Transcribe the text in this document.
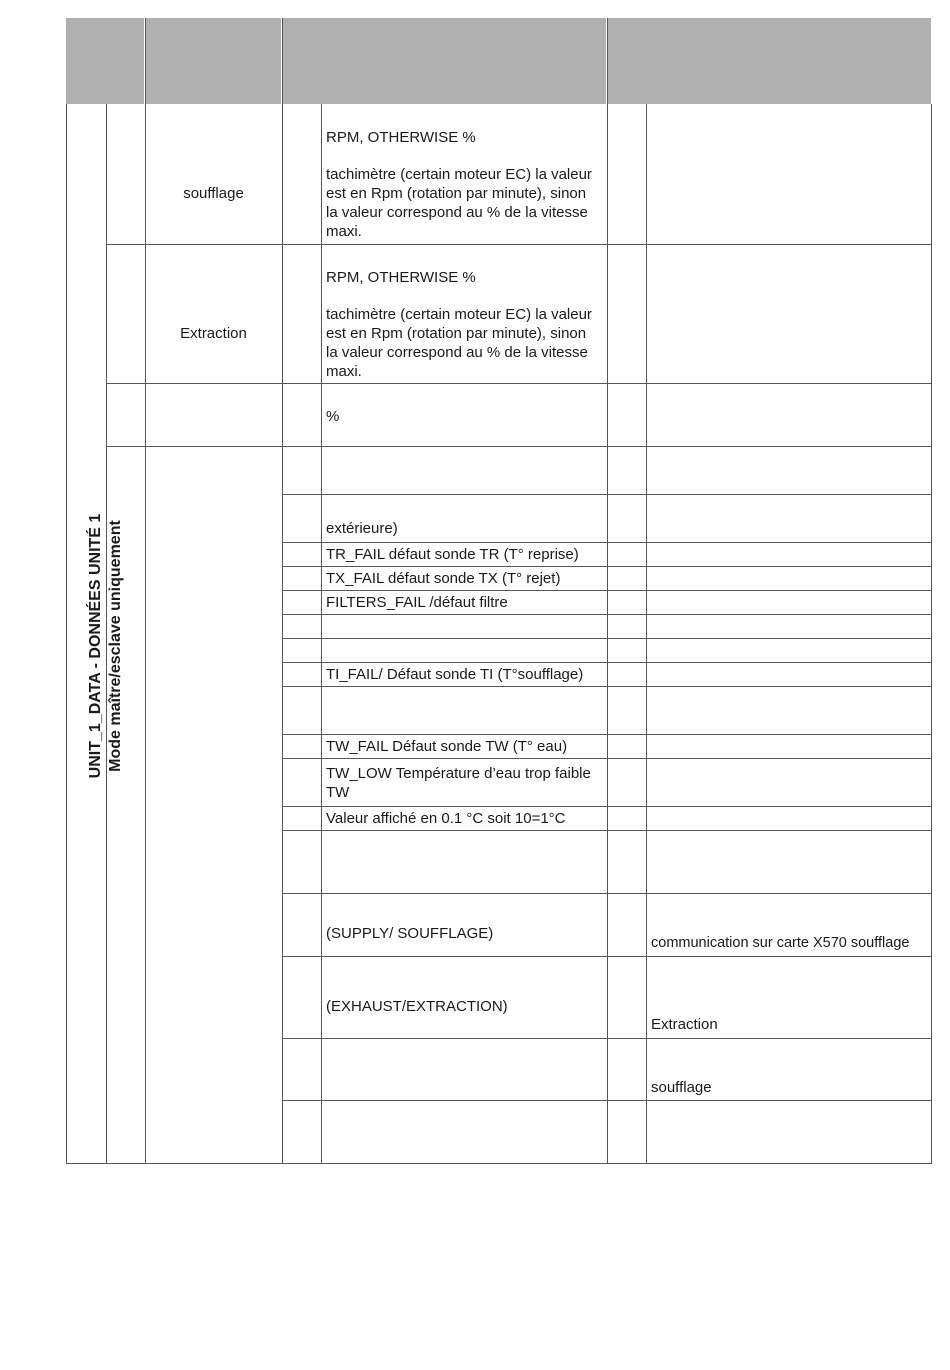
UNIT_1_DATA - DONNÉES UNITÉ 1 Mode maître/esclave uniquement
soufflage
RPM, OTHERWISE %
tachimètre (certain moteur EC) la valeur
est en Rpm (rotation par minute), sinon
la valeur correspond au % de la vitesse
maxi.
Extraction
RPM, OTHERWISE %
tachimètre (certain moteur EC) la valeur
est en Rpm (rotation par minute), sinon
la valeur correspond au % de la vitesse
maxi.
%
extérieure)
TR_FAIL défaut sonde TR (T° reprise)
TX_FAIL défaut sonde TX (T° rejet)
FILTERS_FAIL /défaut filtre
TI_FAIL/ Défaut sonde TI (T°soufflage)
TW_FAIL Défaut sonde TW (T° eau)
TW_LOW Température d’eau trop faible
TW
Valeur affiché en 0.1 °C soit 10=1°C
(SUPPLY/ SOUFFLAGE)
communication sur carte X570 soufflage
(EXHAUST/EXTRACTION)
Extraction
soufflage
